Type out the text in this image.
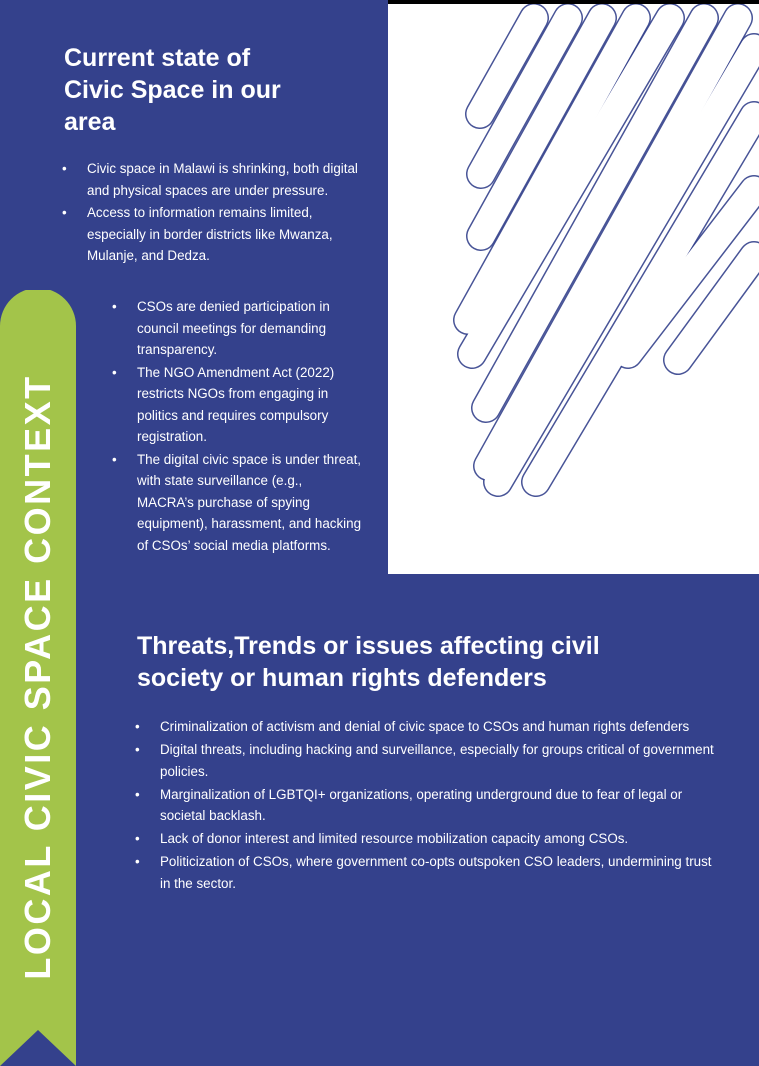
Current state of
Civic Space in our
area
• Civic space in Malawi is shrinking, both digital and physical spaces are under pressure.
• Access to information remains limited, especially in border districts like Mwanza, Mulanje, and Dedza.
• CSOs are denied participation in council meetings for demanding transparency.
• The NGO Amendment Act (2022) restricts NGOs from engaging in politics and requires compulsory registration.
• The digital civic space is under threat, with state surveillance (e.g., MACRA’s purchase of spying equipment), harassment, and hacking of CSOs’ social media platforms.
Threats,Trends or issues affecting civil
society or human rights defenders
• Criminalization of activism and denial of civic space to CSOs and human rights defenders
• Digital threats, including hacking and surveillance, especially for groups critical of government policies.
• Marginalization of LGBTQI+ organizations, operating underground due to fear of legal or societal backlash.
• Lack of donor interest and limited resource mobilization capacity among CSOs.
• Politicization of CSOs, where government co-opts outspoken CSO leaders, undermining trust in the sector.
LOCAL CIVIC SPACE CONTEXT
